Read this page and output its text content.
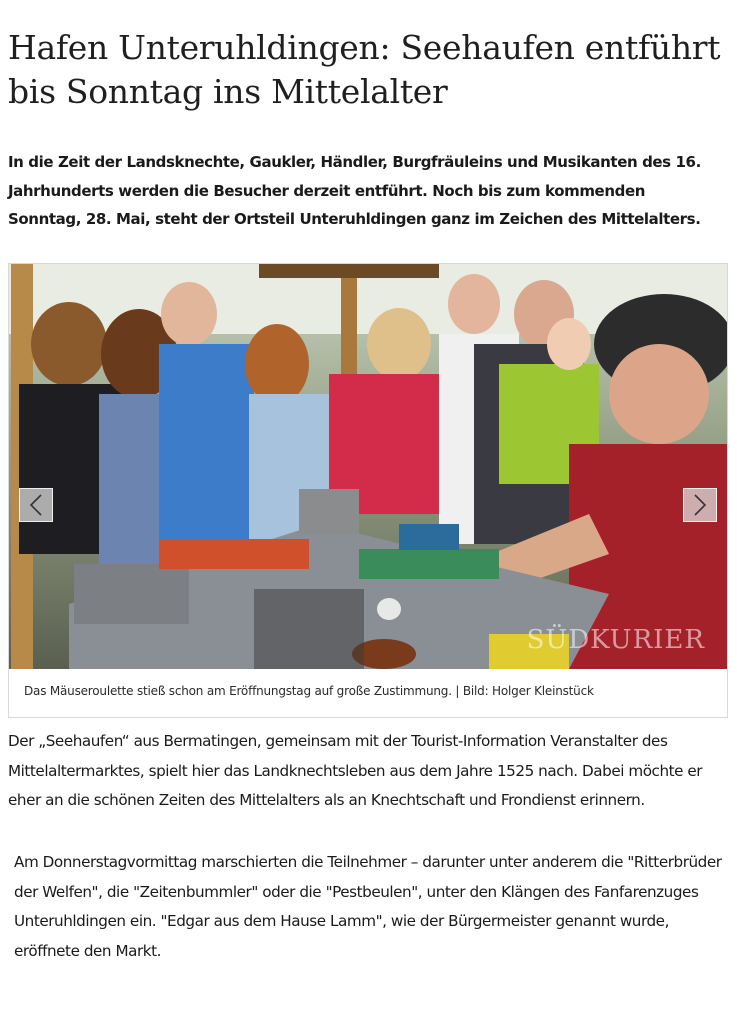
Hafen Unteruhldingen: Seehaufen entführt bis Sonntag ins Mittelalter

In die Zeit der Landsknechte, Gaukler, Händler, Burgfräuleins und Musikanten des 16. Jahrhunderts werden die Besucher derzeit entführt. Noch bis zum kommenden Sonntag, 28. Mai, steht der Ortsteil Unteruhldingen ganz im Zeichen des Mittelalters.

SÜDKURIER
Das Mäuseroulette stieß schon am Eröffnungstag auf große Zustimmung. | Bild: Holger Kleinstück

Der „Seehaufen“ aus Bermatingen, gemeinsam mit der Tourist-Information Veranstalter des Mittelaltermarktes, spielt hier das Landknechtsleben aus dem Jahre 1525 nach. Dabei möchte er eher an die schönen Zeiten des Mittelalters als an Knechtschaft und Frondienst erinnern.

Am Donnerstagvormittag marschierten die Teilnehmer – darunter unter anderem die "Ritterbrüder der Welfen", die "Zeitenbummler" oder die "Pestbeulen", unter den Klängen des Fanfarenzuges Unteruhldingen ein. "Edgar aus dem Hause Lamm", wie der Bürgermeister genannt wurde, eröffnete den Markt.
